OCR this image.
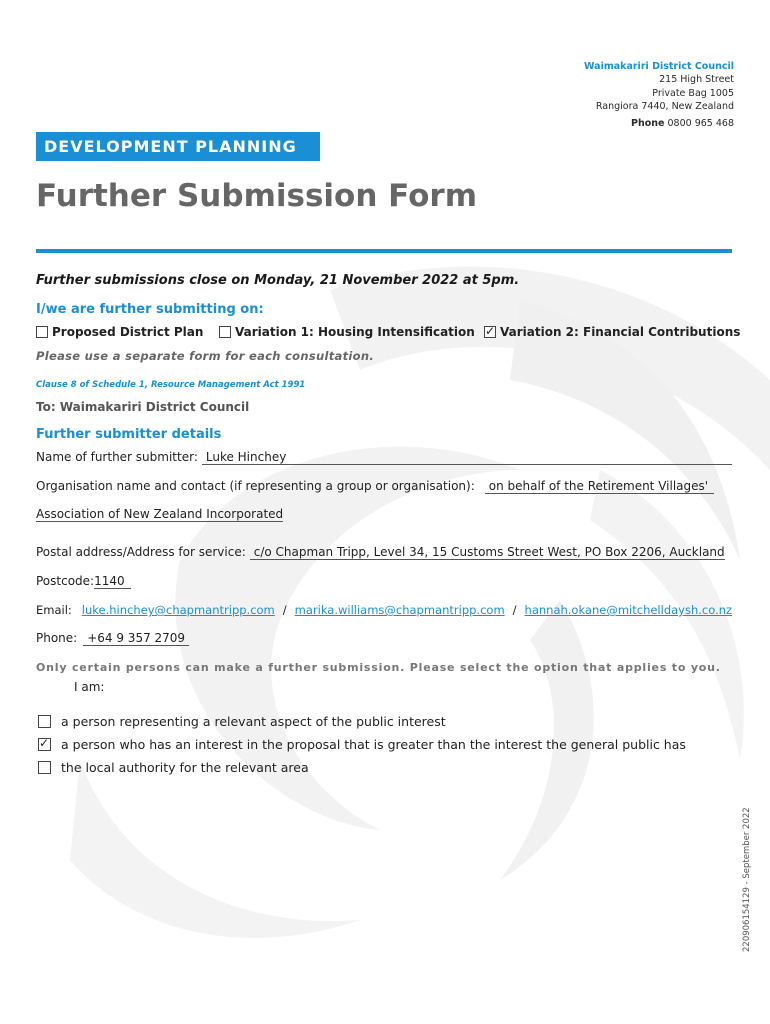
Waimakariri District Council
215 High Street
Private Bag 1005
Rangiora 7440, New Zealand
Phone 0800 965 468
DEVELOPMENT PLANNING
Further Submission Form
Further submissions close on Monday, 21 November 2022 at 5pm.
I/we are further submitting on:
Proposed District Plan	Variation 1: Housing Intensification
✓ Variation 2: Financial Contributions
Please use a separate form for each consultation.
Clause 8 of Schedule 1, Resource Management Act 1991
To: Waimakariri District Council
Further submitter details
Name of further submitter: Luke Hinchey
Organisation name and contact (if representing a group or organisation):	on behalf of the Retirement Villages'
Association of New Zealand Incorporated
Postal address/Address for service: c/o Chapman Tripp, Level 34, 15 Customs Street West, PO Box 2206, Auckland
Postcode: 1140
Email: luke.hinchey@chapmantripp.com / marika.williams@chapmantripp.com / hannah.okane@mitchelldaysh.co.nz
Phone: +64 9 357 2709
Only certain persons can make a further submission. Please select the option that applies to you.
I am:
a person representing a relevant aspect of the public interest
✓
a person who has an interest in the proposal that is greater than the interest the general public has
the local authority for the relevant area
220906154129 - September 2022
